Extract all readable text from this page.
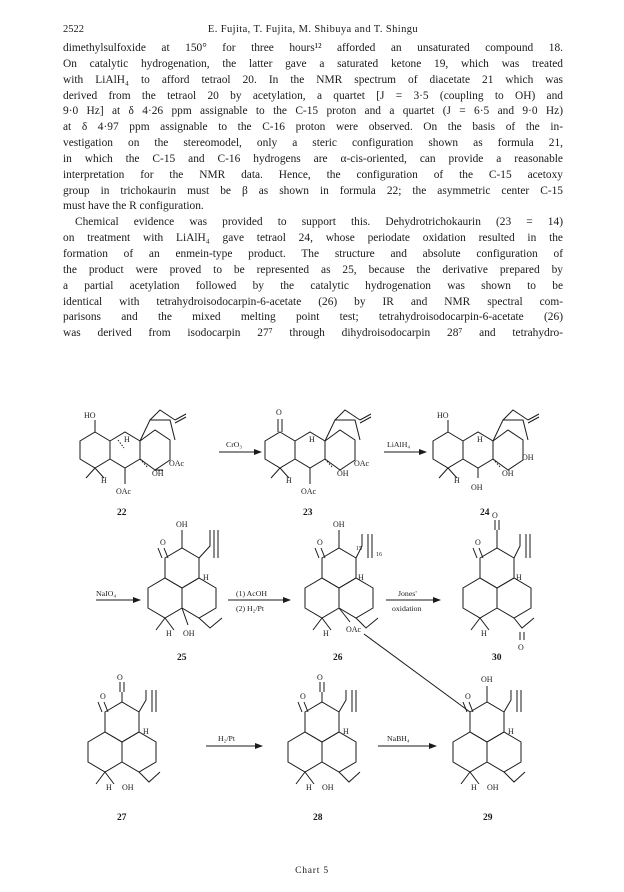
2522	E. Fujita, T. Fujita, M. Shibuya and T. Shingu
dimethylsulfoxide at 150° for three hours¹² afforded an unsaturated compound 18.
On catalytic hydrogenation, the latter gave a saturated ketone 19, which was treated
with LiAlH₄ to afford tetraol 20. In the NMR spectrum of diacetate 21 which was
derived from the tetraol 20 by acetylation, a quartet [J = 3·5 (coupling to OH) and
9·0 Hz] at δ 4·26 ppm assignable to the C-15 proton and a quartet (J = 6·5 and 9·0 Hz)
at δ 4·97 ppm assignable to the C-16 proton were observed. On the basis of the in-
vestigation on the stereomodel, only a steric configuration shown as formula 21,
in which the C-15 and C-16 hydrogens are α-cis-oriented, can provide a reasonable
interpretation for the NMR data. Hence, the configuration of the C-15 acetoxy
group in trichokaurin must be β as shown in formula 22; the asymmetric center C-15
must have the R configuration.
Chemical evidence was provided to support this. Dehydrotrichokaurin (23 = 14)
on treatment with LiAlH₄ gave tetraol 24, whose periodate oxidation resulted in the
formation of an enmein-type product. The structure and absolute configuration of
the product were proved to be represented as 25, because the derivative prepared by
a partial acetylation followed by the catalytic hydrogenation was shown to be
identical with tetrahydroisodocarpin-6-acetate (26) by IR and NMR spectral com-
parisons and the mixed melting point test; tetrahydroisodocarpin-6-acetate (26)
was derived from isodocarpin 27⁷ through dihydroisodocarpin 28⁷ and tetrahydro-
HO
H
OAc
OH
OAc
H
22
CrO₃
O
H
OAc
OH
OAc
H
23
LiAlH₄
HO
H
OH
OH
OH
H
24
OH
O
H
H OH
NaIO₄
25
(1) AcOH
(2) H₂/Pt
OH
O
15
16
H
H OAc
26
Jones'
oxidation
O
O
H
H
O
30
O
O
H
H OH
27
H₂/Pt
O
O
H
H OH
28
NaBH₄
OH
O
H
H OH
29
Chart 5
